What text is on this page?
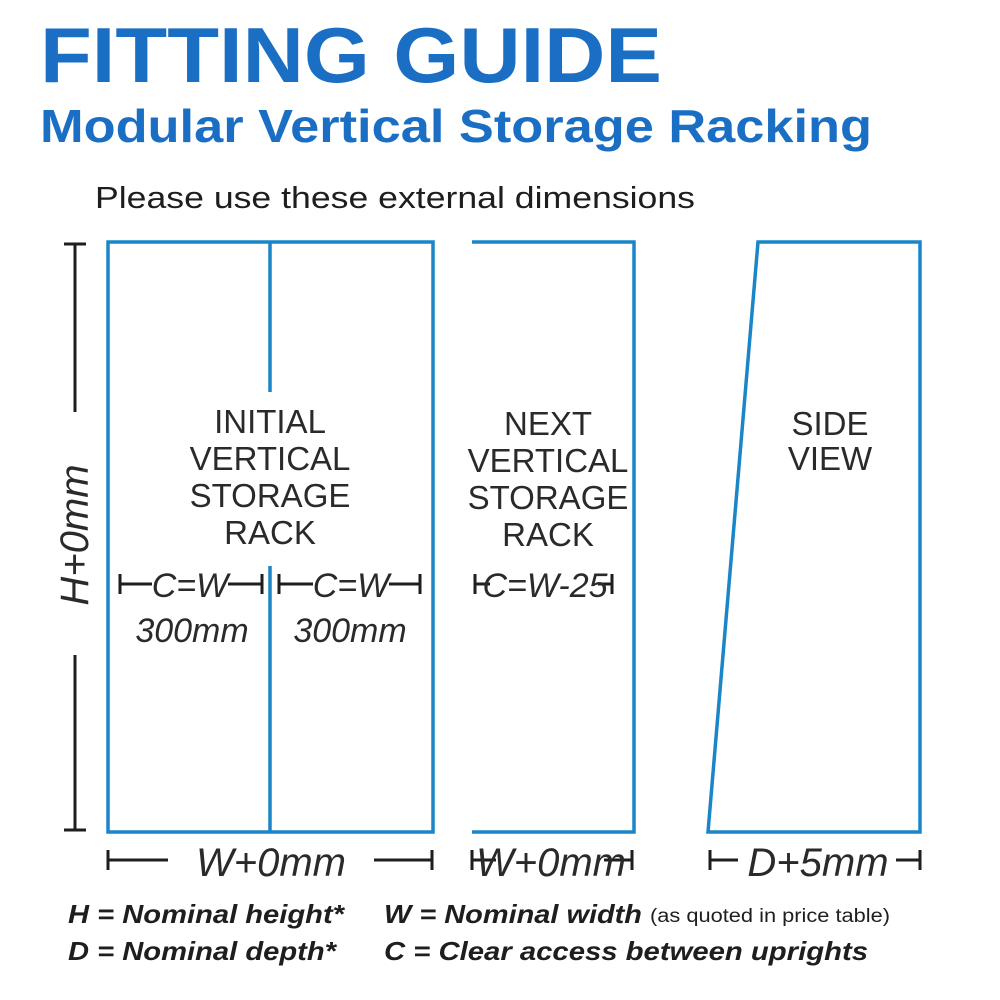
FITTING GUIDE
Modular Vertical Storage Racking
Please use these external dimensions
H+0mm
INITIAL
VERTICAL
STORAGE
RACK
C=W
300mm
C=W
300mm
W+0mm
NEXT
VERTICAL
STORAGE
RACK
C=W-25
W+0mm
SIDE
VIEW
D+5mm
H = Nominal height* W = Nominal width (as quoted in price table)
D = Nominal depth* C = Clear access between uprights
